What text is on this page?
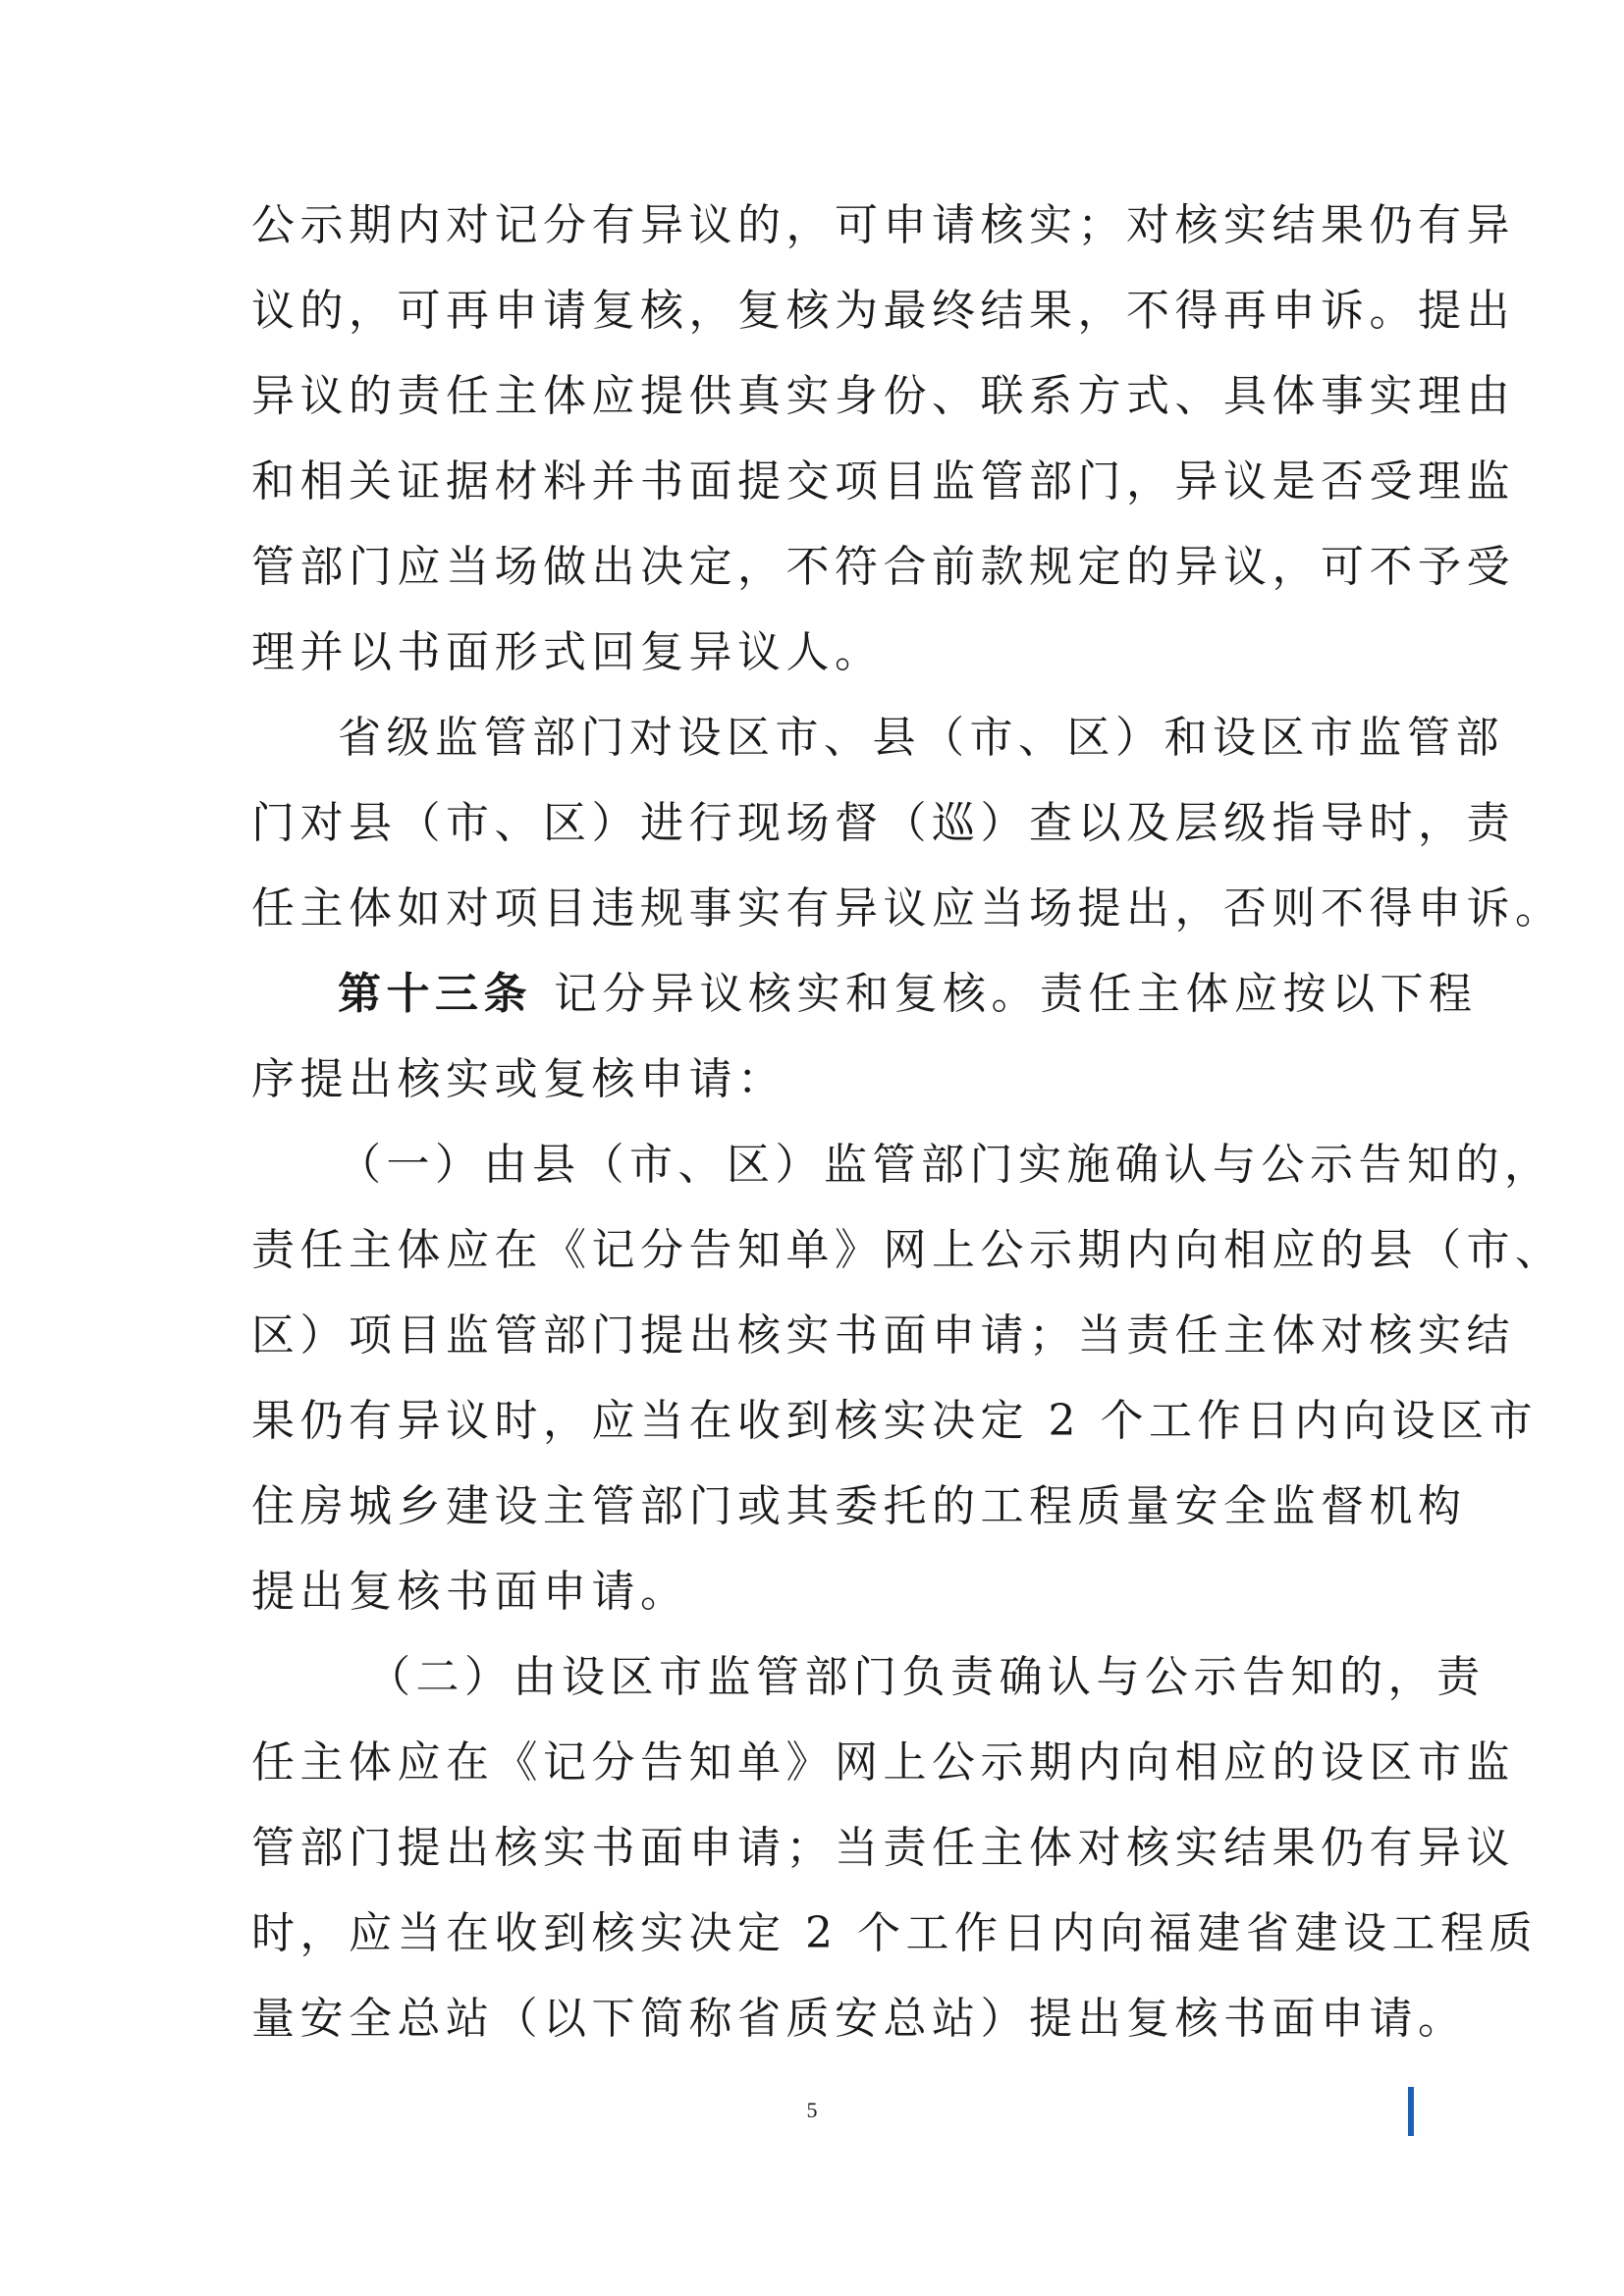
公示期内对记分有异议的，可申请核实；对核实结果仍有异
议的，可再申请复核，复核为最终结果，不得再申诉。提出
异议的责任主体应提供真实身份、联系方式、具体事实理由
和相关证据材料并书面提交项目监管部门，异议是否受理监
管部门应当场做出决定，不符合前款规定的异议，可不予受
理并以书面形式回复异议人。
省级监管部门对设区市、县（市、区）和设区市监管部
门对县（市、区）进行现场督（巡）查以及层级指导时，责
任主体如对项目违规事实有异议应当场提出，否则不得申诉。
第十三条 记分异议核实和复核。责任主体应按以下程
序提出核实或复核申请：
（一）由县（市、区）监管部门实施确认与公示告知的，
责任主体应在《记分告知单》网上公示期内向相应的县（市、
区）项目监管部门提出核实书面申请；当责任主体对核实结
果仍有异议时，应当在收到核实决定 2 个工作日内向设区市
住房城乡建设主管部门或其委托的工程质量安全监督机构
提出复核书面申请。
（二）由设区市监管部门负责确认与公示告知的，责
任主体应在《记分告知单》网上公示期内向相应的设区市监
管部门提出核实书面申请；当责任主体对核实结果仍有异议
时，应当在收到核实决定 2 个工作日内向福建省建设工程质
量安全总站（以下简称省质安总站）提出复核书面申请。
5
